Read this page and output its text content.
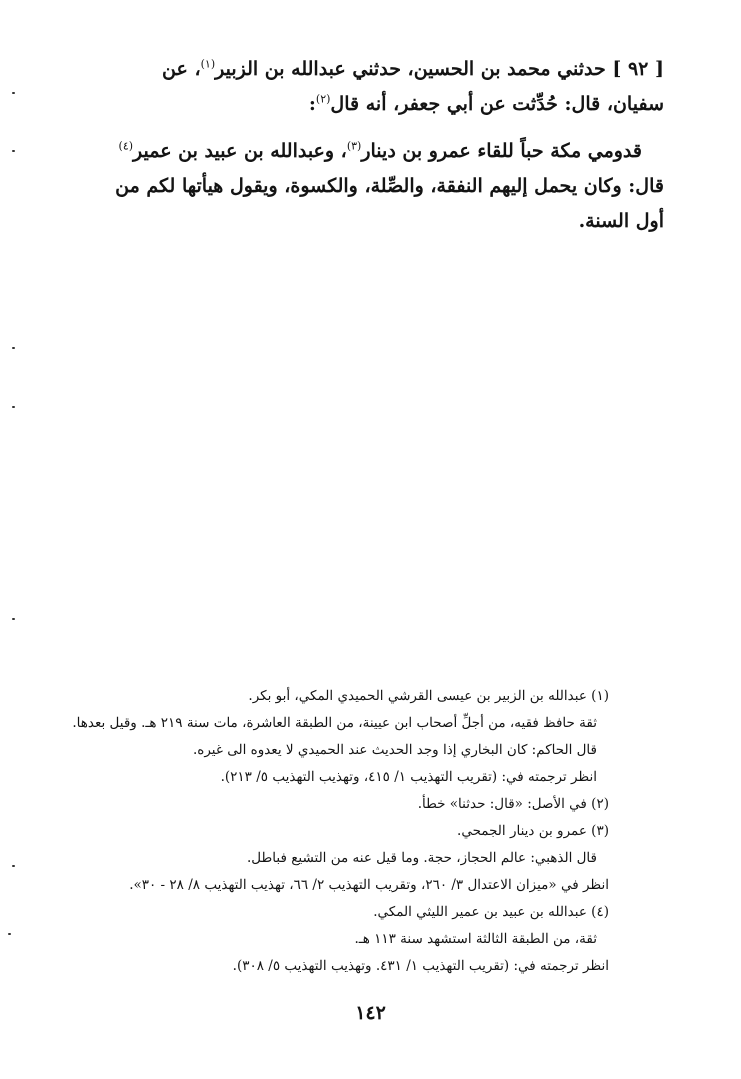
[ ٩٢ ] حدثني محمد بن الحسين، حدثني عبدالله بن الزبير$^{(١)}$، عن
سفيان، قال: حُدِّثت عن أبي جعفر، أنه قال$^{(٢)}$:

قدومي مكة حباً للقاء عمرو بن دينار$^{(٣)}$، وعبدالله بن عبيد بن عمير$^{(٤)}$
قال: وكان يحمل إليهم النفقة، والصِّلة، والكسوة، ويقول هيأتها لكم من
أول السنة.

(١) عبدالله بن الزبير بن عيسى القرشي الحميدي المكي، أبو بكر.
ثقة حافظ فقيه، من أجلِّ أصحاب ابن عيينة، من الطبقة العاشرة، مات سنة ٢١٩ هـ. وقيل بعدها.
قال الحاكم: كان البخاري إذا وجد الحديث عند الحميدي لا يعدوه الى غيره.
انظر ترجمته في: (تقريب التهذيب ١/ ٤١٥، وتهذيب التهذيب ٥/ ٢١٣).
(٢) في الأصل: «قال: حدثنا» خطأ.
(٣) عمرو بن دينار الجمحي.
قال الذهبي: عالم الحجاز، حجة. وما قيل عنه من التشيع فباطل.
انظر في «ميزان الاعتدال ٣/ ٢٦٠، وتقريب التهذيب ٢/ ٦٦، تهذيب التهذيب ٨/ ٢٨ - ٣٠».
(٤) عبدالله بن عبيد بن عمير الليثي المكي.
ثقة، من الطبقة الثالثة استشهد سنة ١١٣ هـ.
انظر ترجمته في: (تقريب التهذيب ١/ ٤٣١. وتهذيب التهذيب ٥/ ٣٠٨).
١٤٢
